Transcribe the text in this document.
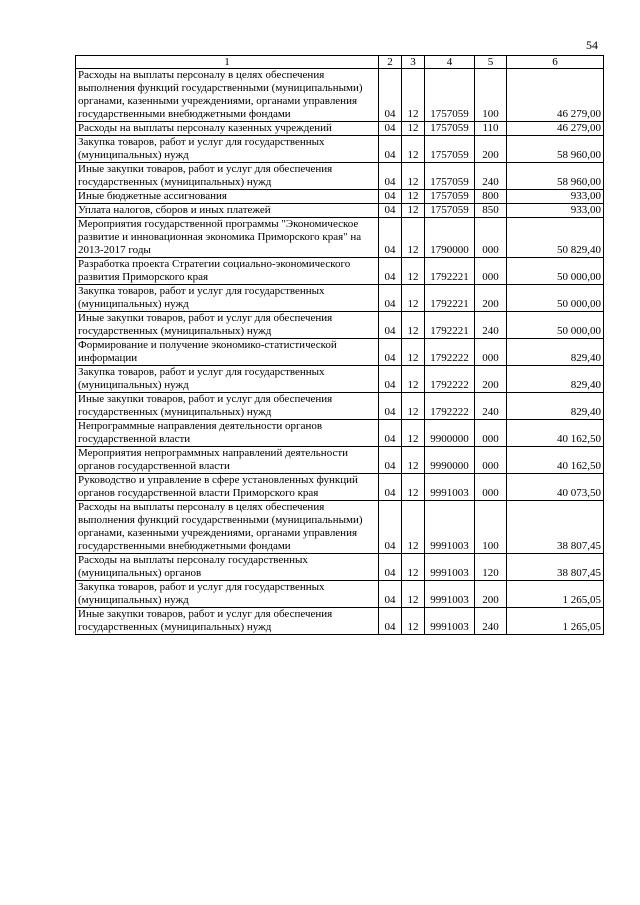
54
1	2	3	4	5	6
Расходы на выплаты персоналу в целях обеспечения выполнения функций государственными (муниципальными) органами, казенными учреждениями, органами управления государственными внебюджетными фондами	04	12	1757059	100	46 279,00
Расходы на выплаты персоналу казенных учреждений	04	12	1757059	110	46 279,00
Закупка товаров, работ и услуг для государственных (муниципальных) нужд	04	12	1757059	200	58 960,00
Иные закупки товаров, работ и услуг для обеспечения государственных (муниципальных) нужд	04	12	1757059	240	58 960,00
Иные бюджетные ассигнования	04	12	1757059	800	933,00
Уплата налогов, сборов и иных платежей	04	12	1757059	850	933,00
Мероприятия государственной программы "Экономическое развитие и инновационная экономика Приморского края" на 2013-2017 годы	04	12	1790000	000	50 829,40
Разработка проекта Стратегии социально-экономического развития Приморского края	04	12	1792221	000	50 000,00
Закупка товаров, работ и услуг для государственных (муниципальных) нужд	04	12	1792221	200	50 000,00
Иные закупки товаров, работ и услуг для обеспечения государственных (муниципальных) нужд	04	12	1792221	240	50 000,00
Формирование и получение экономико-статистической информации	04	12	1792222	000	829,40
Закупка товаров, работ и услуг для государственных (муниципальных) нужд	04	12	1792222	200	829,40
Иные закупки товаров, работ и услуг для обеспечения государственных (муниципальных) нужд	04	12	1792222	240	829,40
Непрограммные направления деятельности органов государственной власти	04	12	9900000	000	40 162,50
Мероприятия непрограммных направлений деятельности органов государственной власти	04	12	9990000	000	40 162,50
Руководство и управление в сфере установленных функций органов государственной власти Приморского края	04	12	9991003	000	40 073,50
Расходы на выплаты персоналу в целях обеспечения выполнения функций государственными (муниципальными) органами, казенными учреждениями, органами управления государственными внебюджетными фондами	04	12	9991003	100	38 807,45
Расходы на выплаты персоналу государственных (муниципальных) органов	04	12	9991003	120	38 807,45
Закупка товаров, работ и услуг для государственных (муниципальных) нужд	04	12	9991003	200	1 265,05
Иные закупки товаров, работ и услуг для обеспечения государственных (муниципальных) нужд	04	12	9991003	240	1 265,05
